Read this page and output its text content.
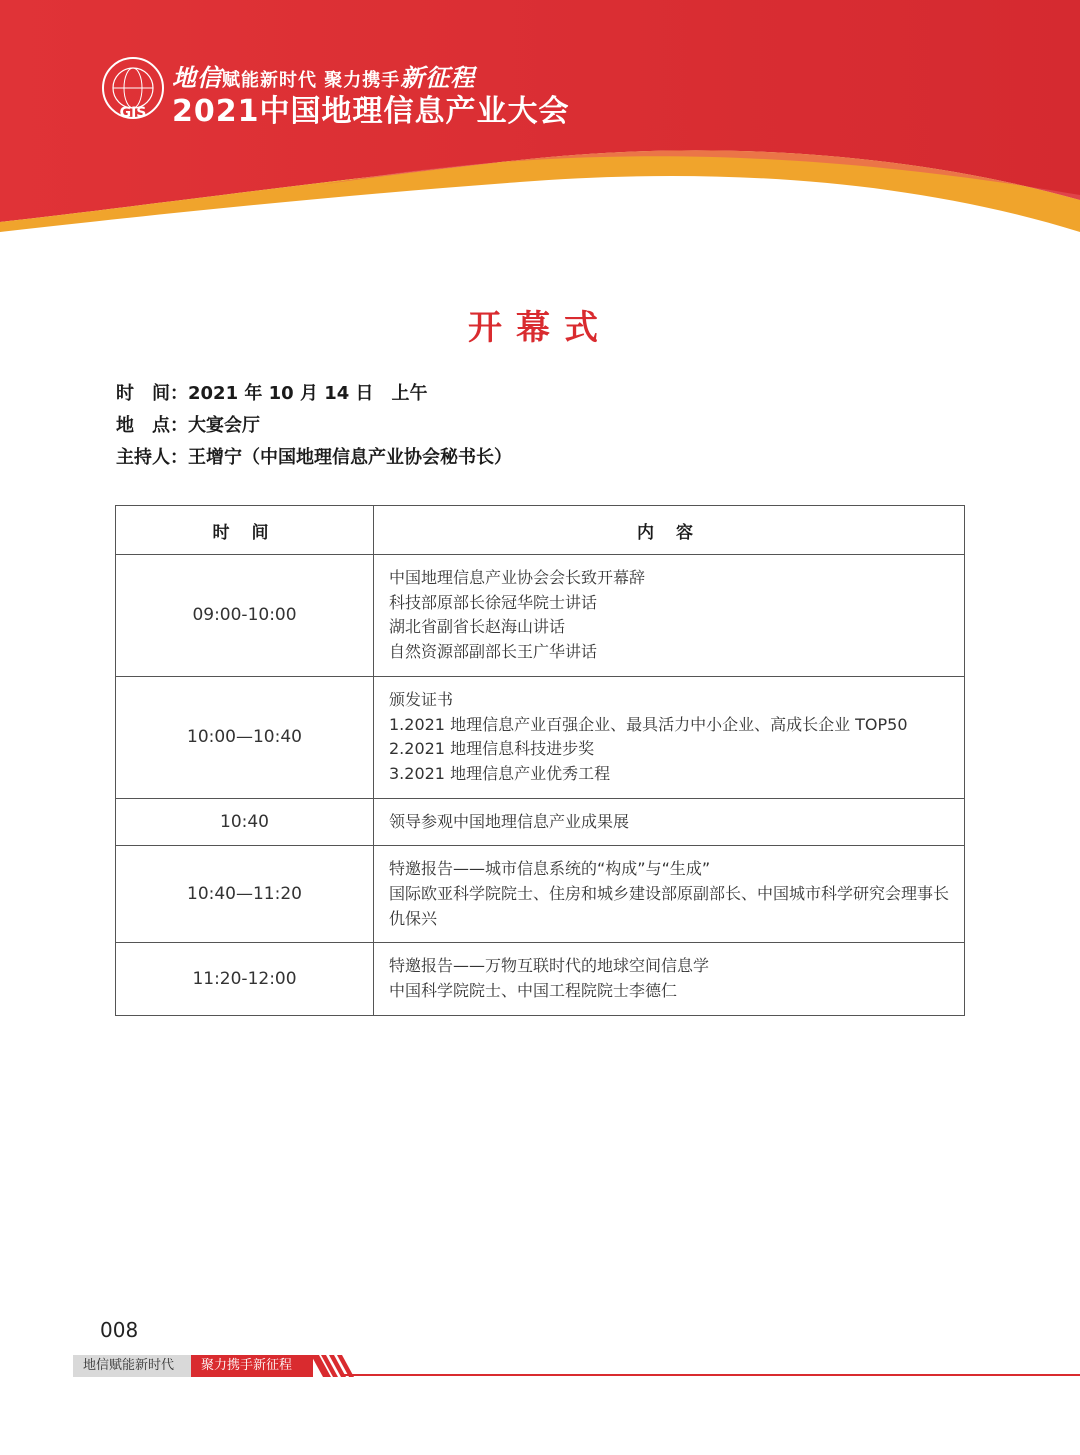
GIS
地信赋能新时代 聚力携手新征程
2021中国地理信息产业大会
开幕式
时　间：2021 年 10 月 14 日　上午
地　点：大宴会厅
主持人：王增宁（中国地理信息产业协会秘书长）
时 间	内 容
09:00-10:00	中国地理信息产业协会会长致开幕辞
科技部原部长徐冠华院士讲话
湖北省副省长赵海山讲话
自然资源部副部长王广华讲话

10:00—10:40	颁发证书
1.2021 地理信息产业百强企业、最具活力中小企业、高成长企业 TOP50
2.2021 地理信息科技进步奖
3.2021 地理信息产业优秀工程

10:40	领导参观中国地理信息产业成果展

10:40—11:20	特邀报告——城市信息系统的“构成”与“生成”
国际欧亚科学院院士、住房和城乡建设部原副部长、中国城市科学研究会理事长
仇保兴

11:20-12:00	特邀报告——万物互联时代的地球空间信息学
中国科学院院士、中国工程院院士李德仁
008
地信赋能新时代	聚力携手新征程
